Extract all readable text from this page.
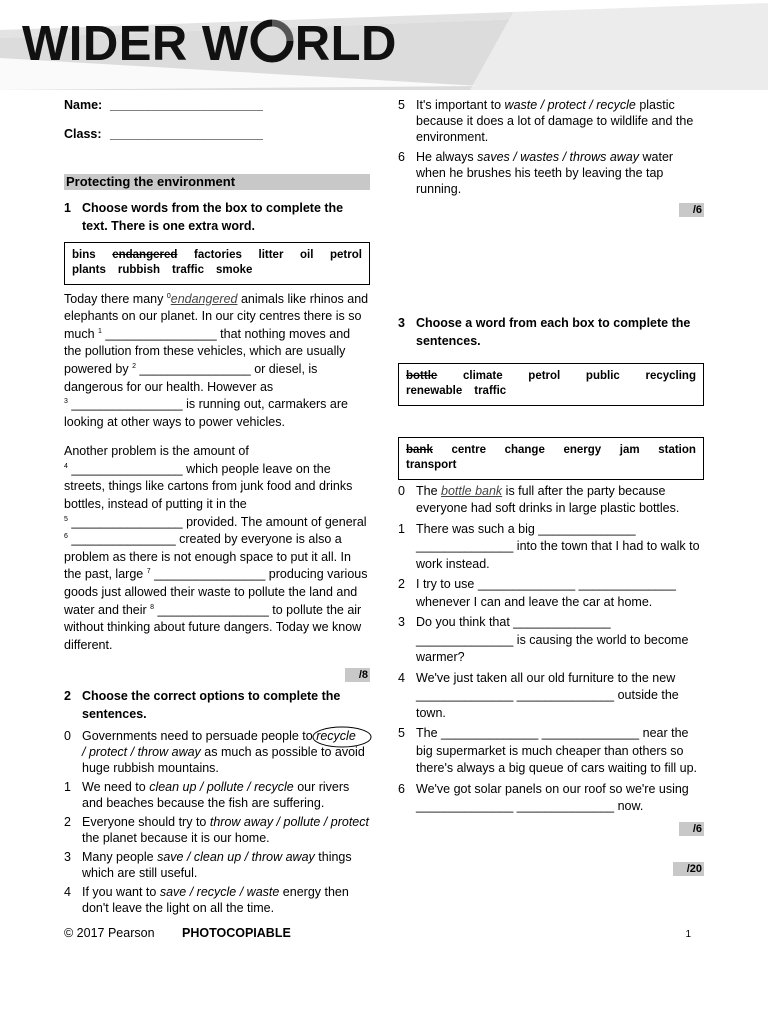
WIDER W RLD
Name: ______________________
Class: ______________________
Protecting the environment
1 Choose words from the box to complete the text. There is one extra word.
bins endangered factories litter oil petrol
plants rubbish traffic smoke

Today there many $^0$endangered animals like rhinos and elephants on our planet. In our city centres there is so much $^1$ ________________ that nothing moves and the pollution from these vehicles, which are usually powered by $^2$ ________________ or diesel, is dangerous for our health. However as
$^3$ ________________ is running out, carmakers are looking at other ways to power vehicles.

Another problem is the amount of
$^4$ ________________ which people leave on the streets, things like cartons from junk food and drinks bottles, instead of putting it in the
$^5$ ________________ provided. The amount of general $^6$ _______________ created by everyone is also a problem as there is not enough space to put it all. In the past, large $^7$ ________________ producing various goods just allowed their waste to pollute the land and water and their $^8$ ________________ to pollute the air without thinking about future dangers. Today we know different.

/8
2 Choose the correct options to complete the sentences.
0 Governments need to persuade people to
recycle
/ protect / throw away as much as possible to avoid huge rubbish mountains.
1 We need to clean up / pollute / recycle our rivers and beaches because the fish are suffering.
2 Everyone should try to throw away / pollute / protect the planet because it is our home.
3 Many people save / clean up / throw away things which are still useful.
4 If you want to save / recycle / waste energy then don't leave the light on all the time.
5 It's important to waste / protect / recycle plastic because it does a lot of damage to wildlife and the environment.
6 He always saves / wastes / throws away water when he brushes his teeth by leaving the tap running.
/6
3 Choose a word from each box to complete the sentences.
bottle climate petrol public recycling
renewable traffic
bank centre change energy jam station
transport
0 The bottle bank is full after the party because everyone had soft drinks in large plastic bottles.
1 There was such a big ______________ ______________ into the town that I had to walk to work instead.
2 I try to use ______________ ______________ whenever I can and leave the car at home.
3 Do you think that ______________ ______________ is causing the world to become warmer?
4 We've just taken all our old furniture to the new ______________ ______________ outside the town.
5 The ______________ ______________ near the big supermarket is much cheaper than others so there's always a big queue of cars waiting to fill up.
6 We've got solar panels on our roof so we're using ______________ ______________ now.
/6
/20
© 2017 Pearson	PHOTOCOPIABLE	1
